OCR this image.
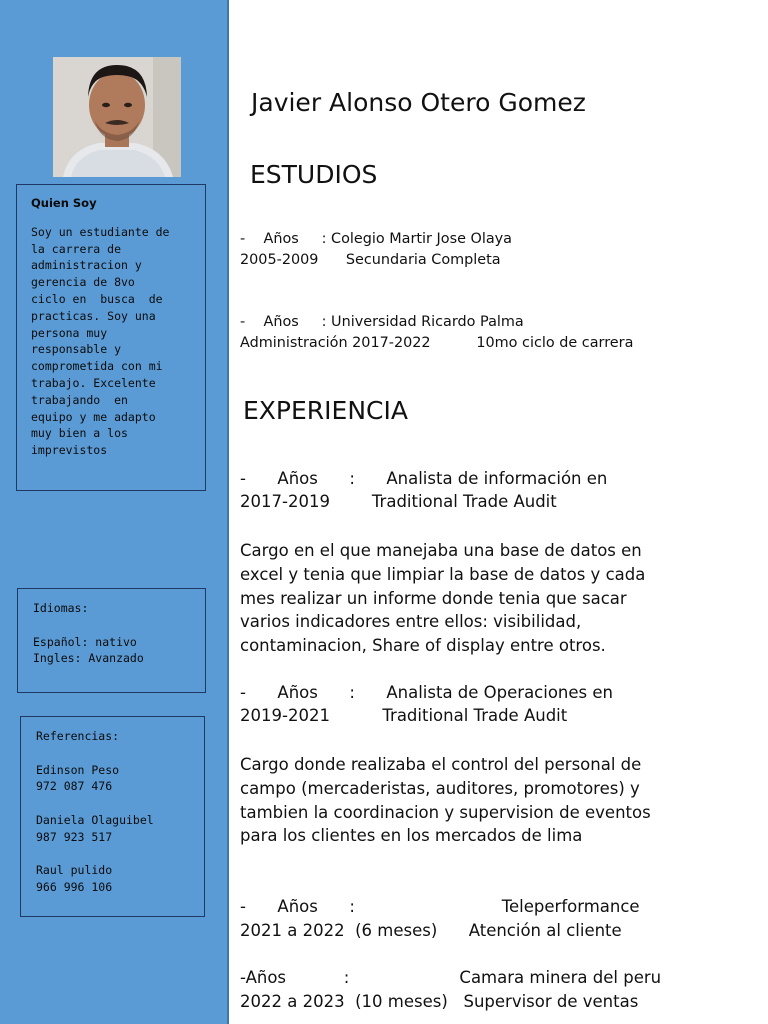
Quien Soy
Soy un estudiante de
la carrera de
administracion y
gerencia de 8vo
ciclo en  busca  de
practicas. Soy una
persona muy
responsable y
comprometida con mi
trabajo. Excelente
trabajando  en
equipo y me adapto
muy bien a los
imprevistos
Idiomas:

Español: nativo
Ingles: Avanzado
Referencias:

Edinson Peso
972 087 476

Daniela Olaguibel
987 923 517

Raul pulido
966 996 106
Javier Alonso Otero Gomez
ESTUDIOS
-    Años     : Colegio Martir Jose Olaya
2005-2009      Secundaria Completa
-    Años     : Universidad Ricardo Palma
Administración 2017-2022          10mo ciclo de carrera
EXPERIENCIA
-      Años      :      Analista de información en
2017-2019        Traditional Trade Audit
Cargo en el que manejaba una base de datos en excel y tenia que limpiar la base de datos y cada mes realizar un informe donde tenia que sacar varios indicadores entre ellos: visibilidad, contaminacion, Share of display entre otros.
-      Años      :      Analista de Operaciones en
2019-2021          Traditional Trade Audit
Cargo donde realizaba el control del personal de campo (mercaderistas, auditores, promotores) y tambien la coordinacion y supervision de eventos para los clientes en los mercados de lima
-      Años      :                            Teleperformance
2021 a 2022  (6 meses)      Atención al cliente
-Años           :                     Camara minera del peru
2022 a 2023  (10 meses)   Supervisor de ventas
